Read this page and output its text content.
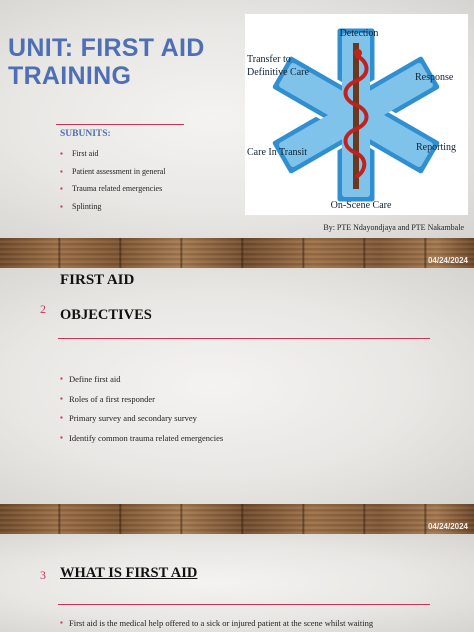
UNIT: FIRST AID TRAINING
SUBUNITS:
▪ First aid
▪ Patient assessment in general
▪ Trauma related emergencies
▪ Splinting
Detection
Transfer to
Definitive Care	Response
Care In Transit	Reporting
On-Scene Care
By: PTE Ndayondjaya and PTE Nakambale
04/24/2024
FIRST AID
2 OBJECTIVES
▪ Define first aid
▪ Roles of a first responder
▪ Primary survey and secondary survey
▪ Identify common trauma related emergencies
04/24/2024
3 WHAT IS FIRST AID
▪ First aid is the medical help offered to a sick or injured patient at the scene whilst waiting
